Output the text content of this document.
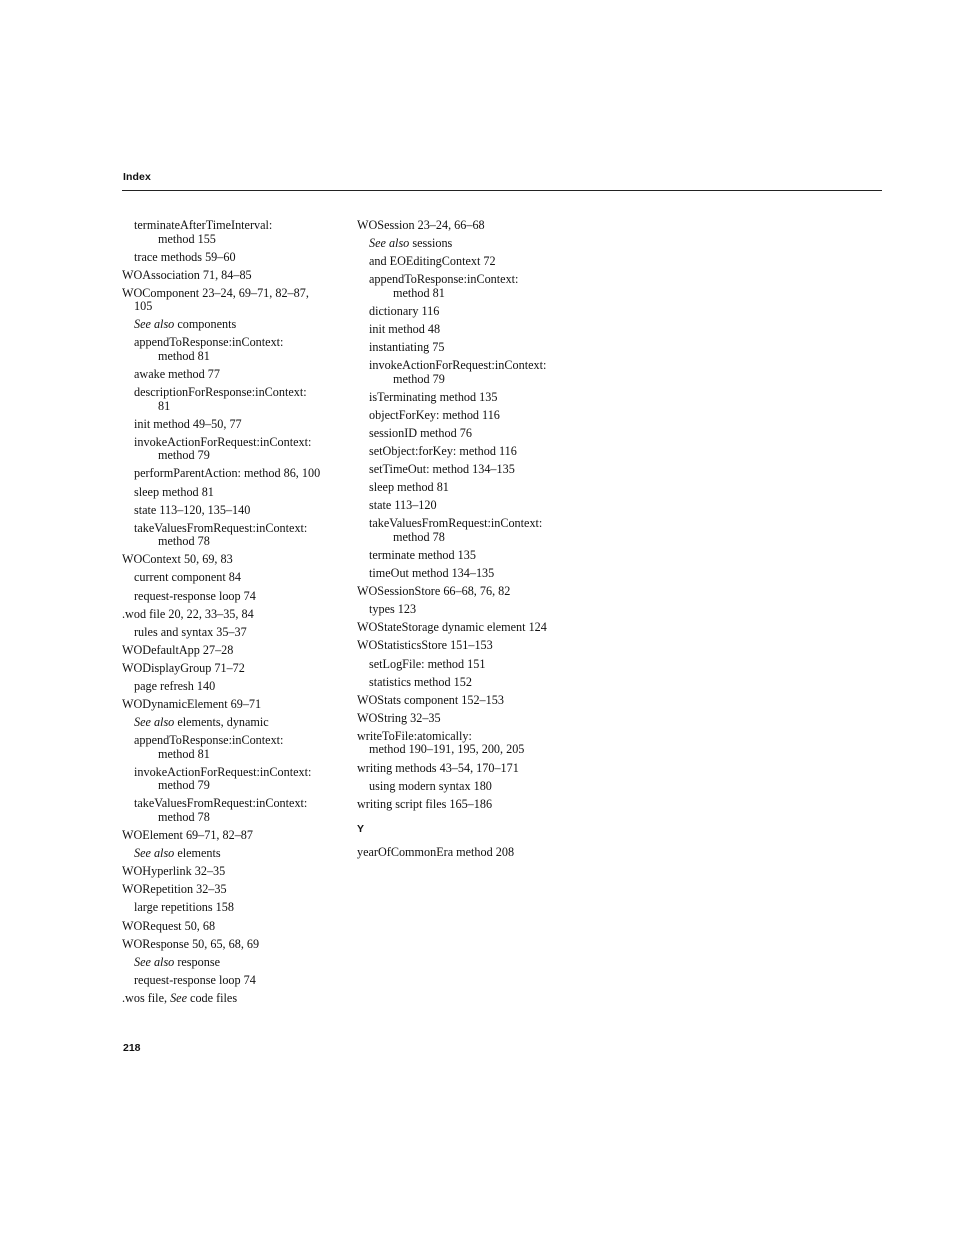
Index
terminateAfterTimeInterval:
method 155
trace methods 59–60
WOAssociation 71, 84–85
WOComponent 23–24, 69–71, 82–87,
105
See also components
appendToResponse:inContext:
method 81
awake method 77
descriptionForResponse:inContext:
81
init method 49–50, 77
invokeActionForRequest:inContext:
method 79
performParentAction: method 86, 100
sleep method 81
state 113–120, 135–140
takeValuesFromRequest:inContext:
method 78
WOContext 50, 69, 83
current component 84
request-response loop 74
.wod file 20, 22, 33–35, 84
rules and syntax 35–37
WODefaultApp 27–28
WODisplayGroup 71–72
page refresh 140
WODynamicElement 69–71
See also elements, dynamic
appendToResponse:inContext:
method 81
invokeActionForRequest:inContext:
method 79
takeValuesFromRequest:inContext:
method 78
WOElement 69–71, 82–87
See also elements
WOHyperlink 32–35
WORepetition 32–35
large repetitions 158
WORequest 50, 68
WOResponse 50, 65, 68, 69
See also response
request-response loop 74
.wos file, See code files
WOSession 23–24, 66–68
See also sessions
and EOEditingContext 72
appendToResponse:inContext:
method 81
dictionary 116
init method 48
instantiating 75
invokeActionForRequest:inContext:
method 79
isTerminating method 135
objectForKey: method 116
sessionID method 76
setObject:forKey: method 116
setTimeOut: method 134–135
sleep method 81
state 113–120
takeValuesFromRequest:inContext:
method 78
terminate method 135
timeOut method 134–135
WOSessionStore 66–68, 76, 82
types 123
WOStateStorage dynamic element 124
WOStatisticsStore 151–153
setLogFile: method 151
statistics method 152
WOStats component 152–153
WOString 32–35
writeToFile:atomically:
method 190–191, 195, 200, 205
writing methods 43–54, 170–171
using modern syntax 180
writing script files 165–186
Y
yearOfCommonEra method 208
218
